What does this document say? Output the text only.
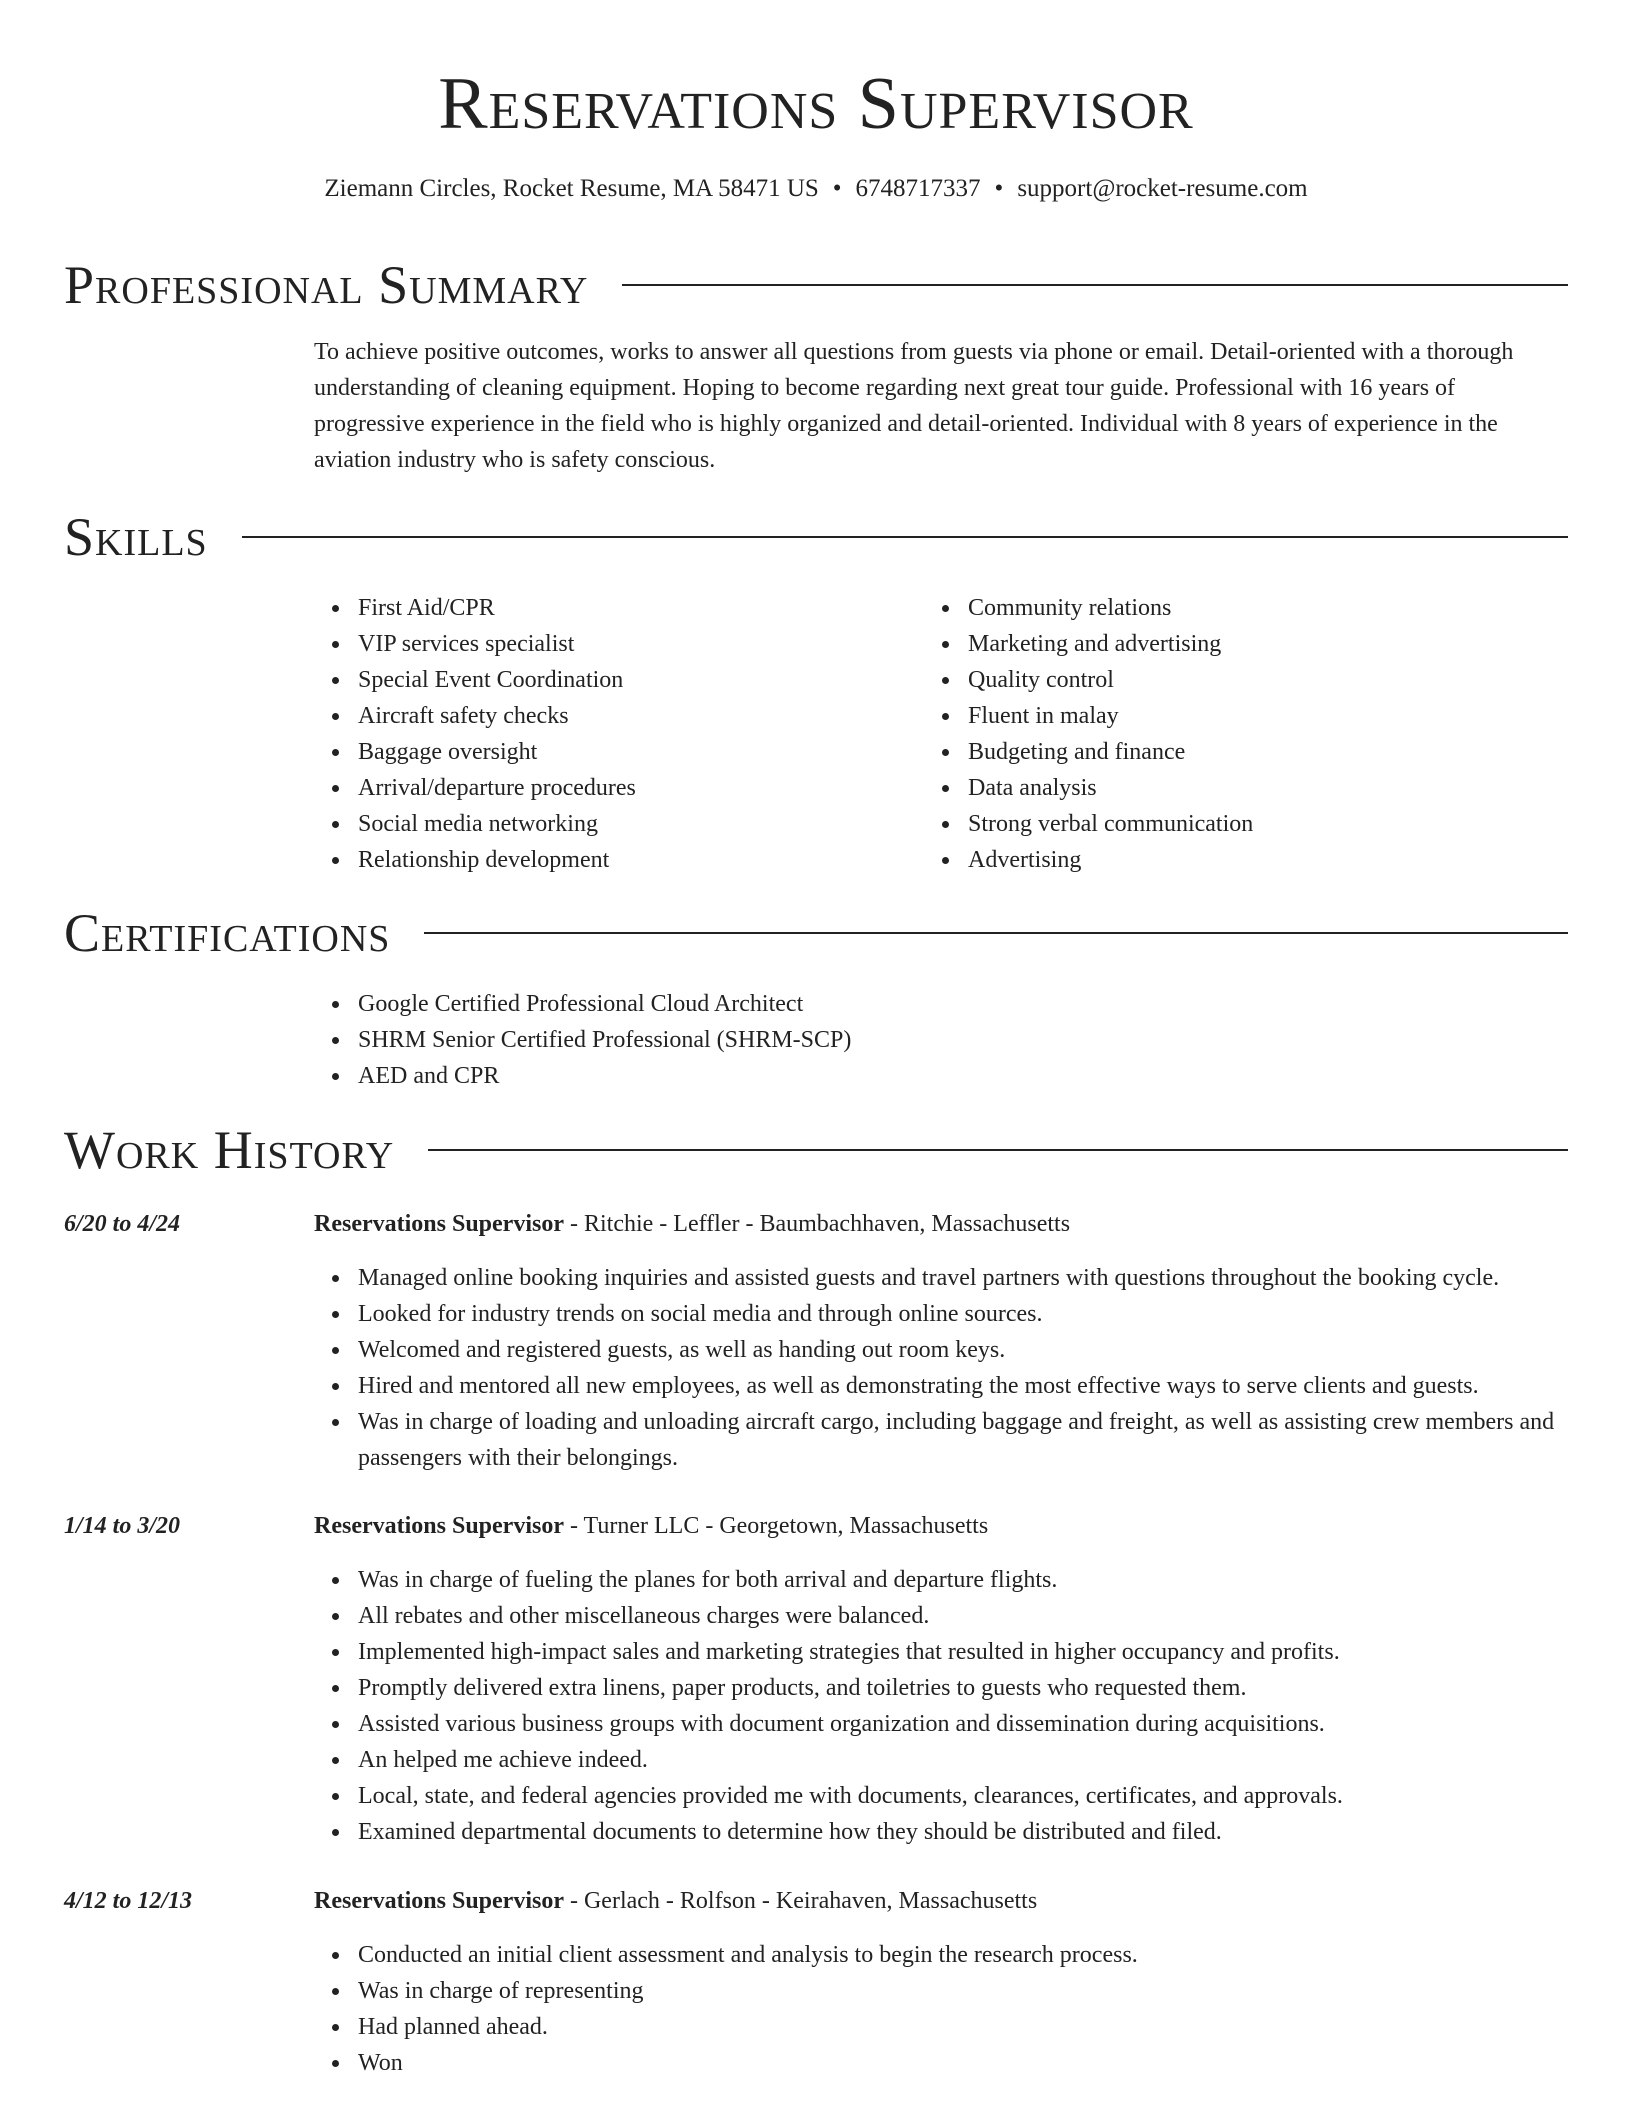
Reservations Supervisor
Ziemann Circles, Rocket Resume, MA 58471 US • 6748717337 • support@rocket-resume.com
Professional Summary
To achieve positive outcomes, works to answer all questions from guests via phone or email. Detail-oriented with a thorough understanding of cleaning equipment. Hoping to become regarding next great tour guide. Professional with 16 years of progressive experience in the field who is highly organized and detail-oriented. Individual with 8 years of experience in the aviation industry who is safety conscious.
Skills
First Aid/CPR
VIP services specialist
Special Event Coordination
Aircraft safety checks
Baggage oversight
Arrival/departure procedures
Social media networking
Relationship development
Community relations
Marketing and advertising
Quality control
Fluent in malay
Budgeting and finance
Data analysis
Strong verbal communication
Advertising
Certifications
Google Certified Professional Cloud Architect
SHRM Senior Certified Professional (SHRM-SCP)
AED and CPR
Work History
6/20 to 4/24	Reservations Supervisor - Ritchie - Leffler - Baumbachhaven, Massachusetts
Managed online booking inquiries and assisted guests and travel partners with questions throughout the booking cycle.
Looked for industry trends on social media and through online sources.
Welcomed and registered guests, as well as handing out room keys.
Hired and mentored all new employees, as well as demonstrating the most effective ways to serve clients and guests.
Was in charge of loading and unloading aircraft cargo, including baggage and freight, as well as assisting crew members and passengers with their belongings.
1/14 to 3/20	Reservations Supervisor - Turner LLC - Georgetown, Massachusetts
Was in charge of fueling the planes for both arrival and departure flights.
All rebates and other miscellaneous charges were balanced.
Implemented high-impact sales and marketing strategies that resulted in higher occupancy and profits.
Promptly delivered extra linens, paper products, and toiletries to guests who requested them.
Assisted various business groups with document organization and dissemination during acquisitions.
An helped me achieve indeed.
Local, state, and federal agencies provided me with documents, clearances, certificates, and approvals.
Examined departmental documents to determine how they should be distributed and filed.
4/12 to 12/13	Reservations Supervisor - Gerlach - Rolfson - Keirahaven, Massachusetts
Conducted an initial client assessment and analysis to begin the research process.
Was in charge of representing
Had planned ahead.
Won
